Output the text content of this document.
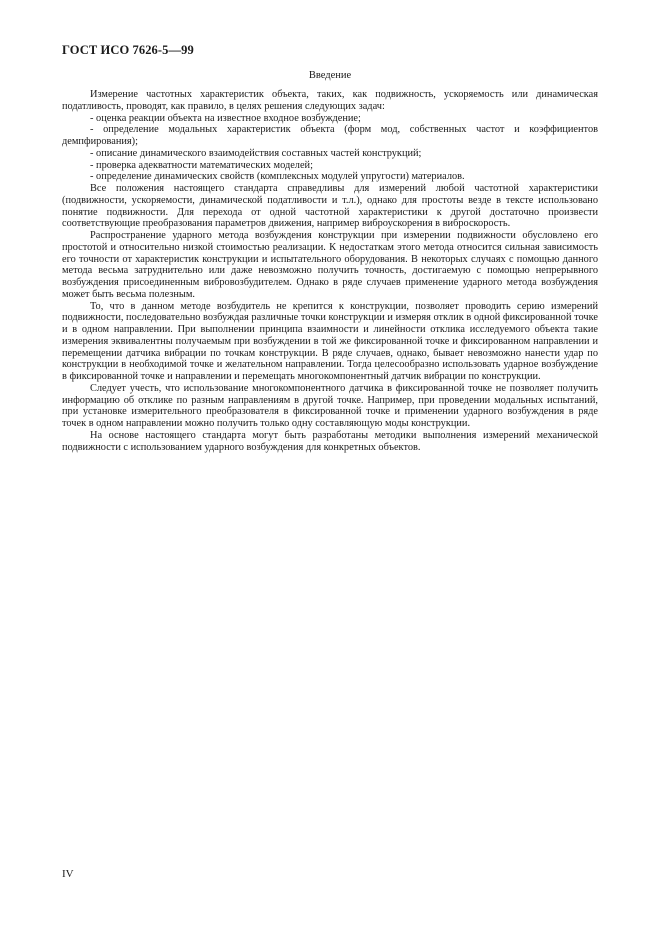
ГОСТ ИСО 7626-5—99
Введение

Измерение частотных характеристик объекта, таких, как подвижность, ускоряемость или динамическая податливость, проводят, как правило, в целях решения следующих задач:

- оценка реакции объекта на известное входное возбуждение;
- определение модальных характеристик объекта (форм мод, собственных частот и коэффициентов демпфирования);
- описание динамического взаимодействия составных частей конструкций;
- проверка адекватности математических моделей;
- определение динамических свойств (комплексных модулей упругости) материалов.

Все положения настоящего стандарта справедливы для измерений любой частотной характеристики (подвижности, ускоряемости, динамической податливости и т.л.), однако для простоты везде в тексте использовано понятие подвижности. Для перехода от одной частотной характеристики к другой достаточно произвести соответствующие преобразования параметров движения, например виброускорения в виброскорость.

Распространение ударного метода возбуждения конструкции при измерении подвижности обусловлено его простотой и относительно низкой стоимостью реализации. К недостаткам этого метода относится сильная зависимость его точности от характеристик конструкции и испытательного оборудования. В некоторых случаях с помощью данного метода весьма затруднительно или даже невозможно получить точность, достигаемую с помощью непрерывного возбуждения присоединенным вибровозбудителем. Однако в ряде случаев применение ударного метода возбуждения может быть весьма полезным.

То, что в данном методе возбудитель не крепится к конструкции, позволяет проводить серию измерений подвижности, последовательно возбуждая различные точки конструкции и измеряя отклик в одной фиксированной точке и в одном направлении. При выполнении принципа взаимности и линейности отклика исследуемого объекта такие измерения эквивалентны получаемым при возбуждении в той же фиксированной точке и фиксированном направлении и перемещении датчика вибрации по точкам конструкции. В ряде случаев, однако, бывает невозможно нанести удар по конструкции в необходимой точке и желательном направлении. Тогда целесообразно использовать ударное возбуждение в фиксированной точке и направлении и перемещать многокомпонентный датчик вибрации по конструкции.

Следует учесть, что использование многокомпонентного датчика в фиксированной точке не позволяет получить информацию об отклике по разным направлениям в другой точке. Например, при проведении модальных испытаний, при установке измерительного преобразователя в фиксированной точке и применении ударного возбуждения в ряде точек в одном направлении можно получить только одну составляющую моды конструкции.

На основе настоящего стандарта могут быть разработаны методики выполнения измерений механической подвижности с использованием ударного возбуждения для конкретных объектов.

IV
